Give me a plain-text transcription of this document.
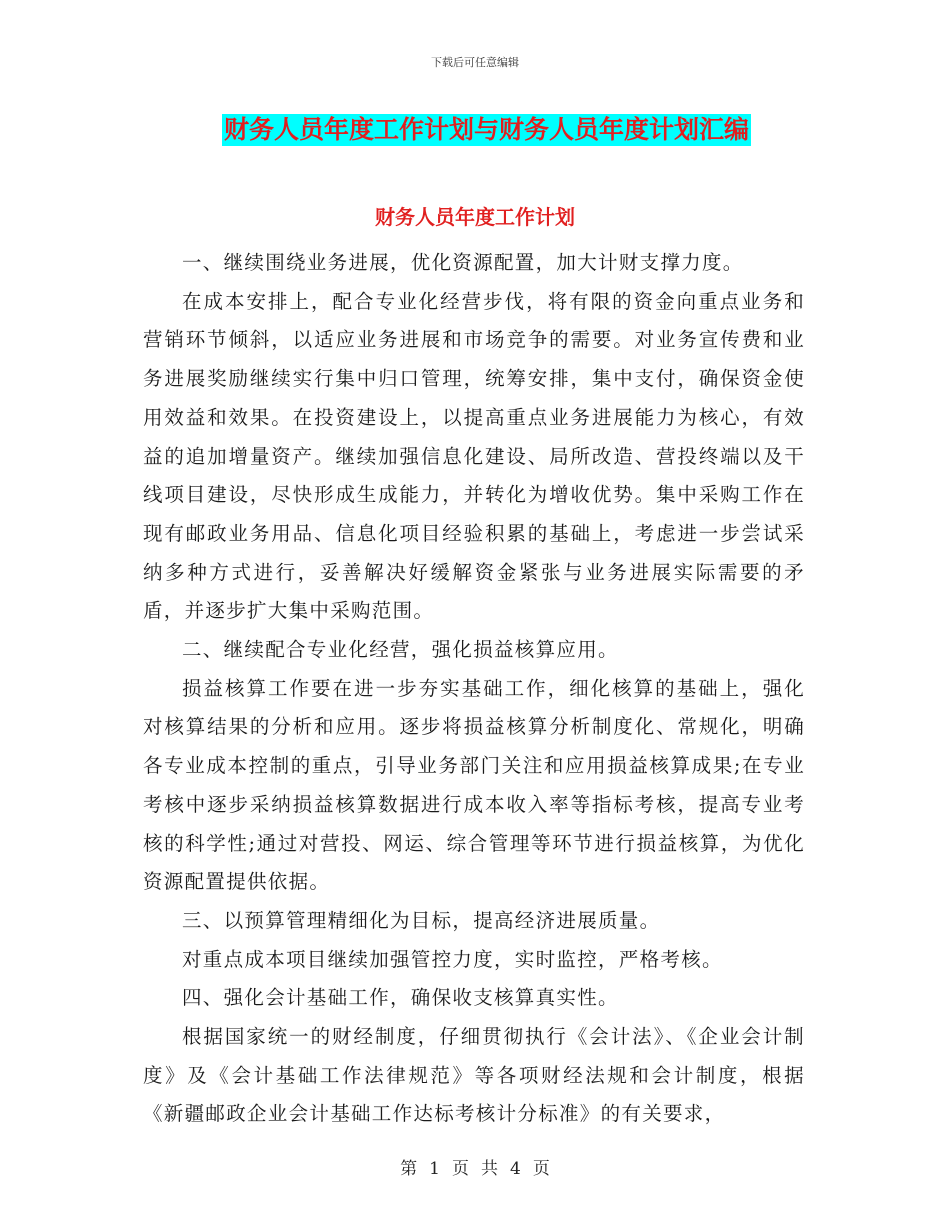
下载后可任意编辑
财务人员年度工作计划与财务人员年度计划汇编
财务人员年度工作计划

一、继续围绕业务进展，优化资源配置，加大计财支撑力度。

在成本安排上，配合专业化经营步伐，将有限的资金向重点业务和营销环节倾斜，以适应业务进展和市场竞争的需要。对业务宣传费和业务进展奖励继续实行集中归口管理，统筹安排，集中支付，确保资金使用效益和效果。在投资建设上，以提高重点业务进展能力为核心，有效益的追加增量资产。继续加强信息化建设、局所改造、营投终端以及干线项目建设，尽快形成生成能力，并转化为增收优势。集中采购工作在现有邮政业务用品、信息化项目经验积累的基础上，考虑进一步尝试采纳多种方式进行，妥善解决好缓解资金紧张与业务进展实际需要的矛盾，并逐步扩大集中采购范围。

二、继续配合专业化经营，强化损益核算应用。

损益核算工作要在进一步夯实基础工作，细化核算的基础上，强化对核算结果的分析和应用。逐步将损益核算分析制度化、常规化，明确各专业成本控制的重点，引导业务部门关注和应用损益核算成果;在专业考核中逐步采纳损益核算数据进行成本收入率等指标考核，提高专业考核的科学性;通过对营投、网运、综合管理等环节进行损益核算，为优化资源配置提供依据。

三、以预算管理精细化为目标，提高经济进展质量。

对重点成本项目继续加强管控力度，实时监控，严格考核。

四、强化会计基础工作，确保收支核算真实性。

根据国家统一的财经制度，仔细贯彻执行《会计法》、《企业会计制度》及《会计基础工作法律规范》等各项财经法规和会计制度，根据《新疆邮政企业会计基础工作达标考核计分标准》的有关要求，

第 1 页 共 4 页
